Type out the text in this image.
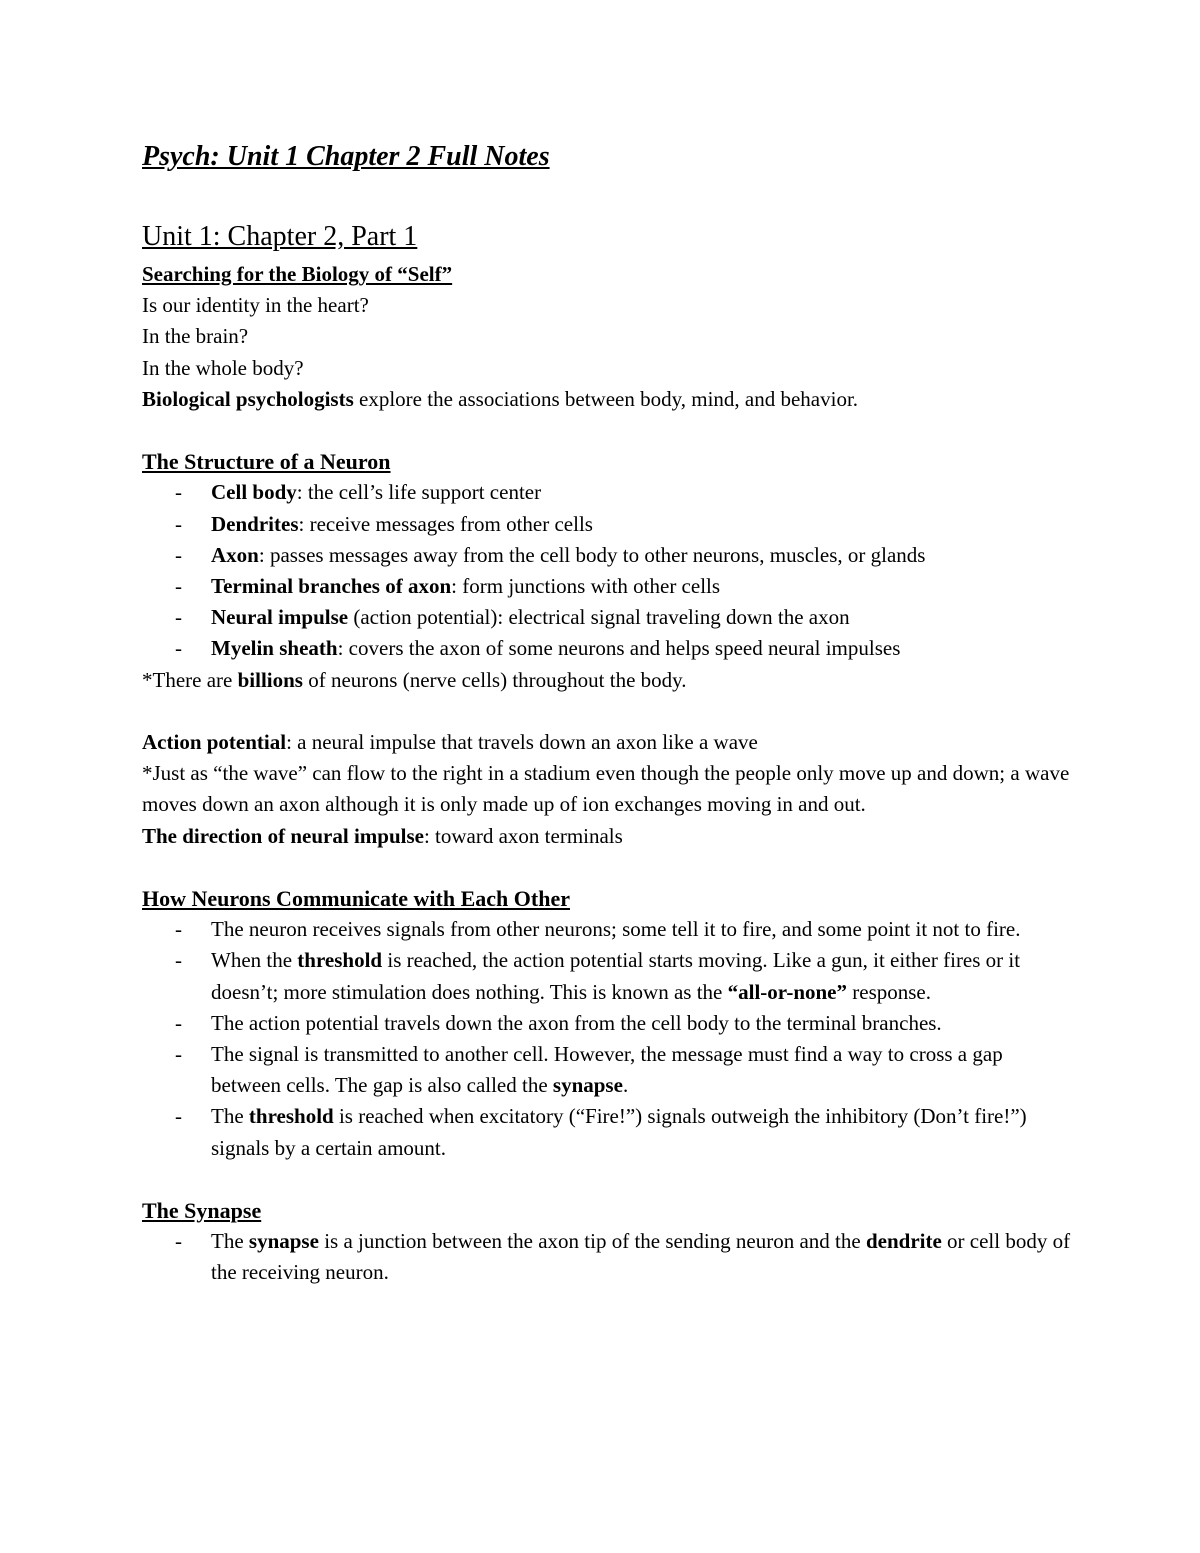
Psych: Unit 1 Chapter 2 Full Notes
Unit 1: Chapter 2, Part 1

Searching for the Biology of “Self”

Is our identity in the heart?

In the brain?

In the whole body?

Biological psychologists explore the associations between body, mind, and behavior.

The Structure of a Neuron

- Cell body: the cell’s life support center
- Dendrites: receive messages from other cells
- Axon: passes messages away from the cell body to other neurons, muscles, or glands
- Terminal branches of axon: form junctions with other cells
- Neural impulse (action potential): electrical signal traveling down the axon
- Myelin sheath: covers the axon of some neurons and helps speed neural impulses

*There are billions of neurons (nerve cells) throughout the body.

Action potential: a neural impulse that travels down an axon like a wave

*Just as “the wave” can flow to the right in a stadium even though the people only move up and down; a wave moves down an axon although it is only made up of ion exchanges moving in and out.

The direction of neural impulse: toward axon terminals

How Neurons Communicate with Each Other

- The neuron receives signals from other neurons; some tell it to fire, and some point it not to fire.
- When the threshold is reached, the action potential starts moving. Like a gun, it either fires or it doesn’t; more stimulation does nothing. This is known as the “all-or-none” response.
- The action potential travels down the axon from the cell body to the terminal branches.
- The signal is transmitted to another cell. However, the message must find a way to cross a gap between cells. The gap is also called the synapse.
- The threshold is reached when excitatory (“Fire!”) signals outweigh the inhibitory (Don’t fire!”) signals by a certain amount.

The Synapse

- The synapse is a junction between the axon tip of the sending neuron and the dendrite or cell body of the receiving neuron.
